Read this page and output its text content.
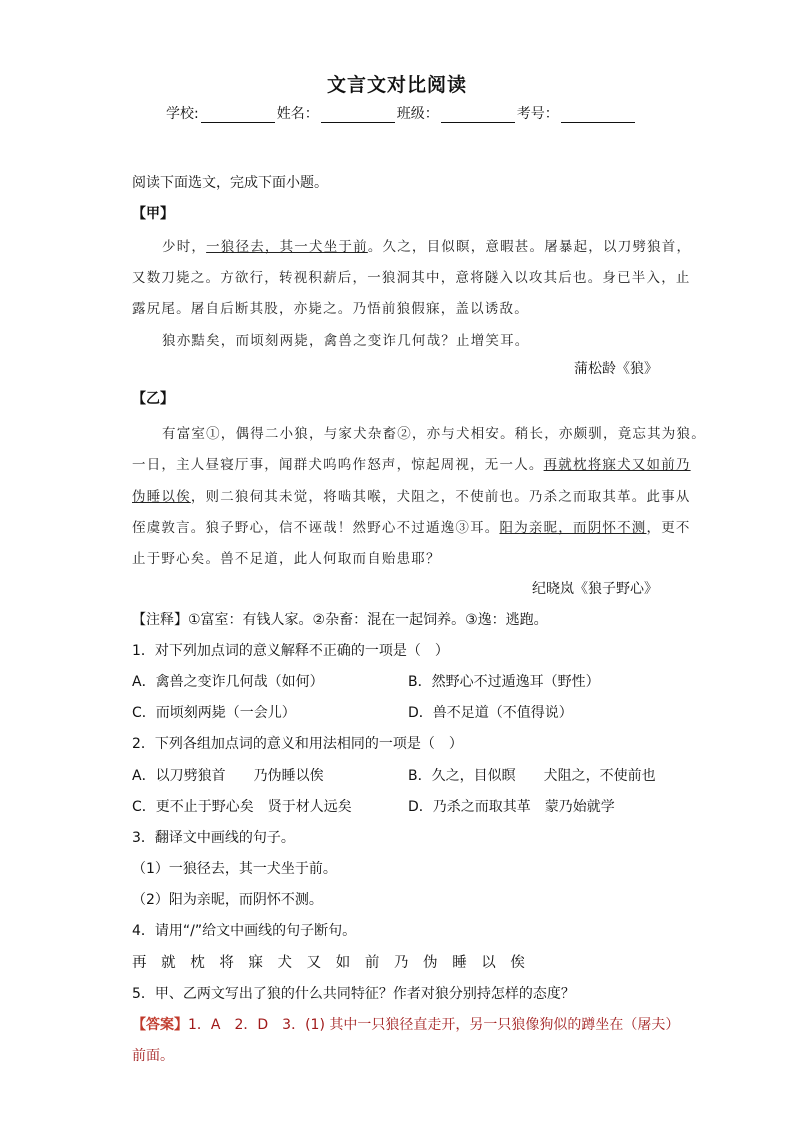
文言文对比阅读
学校:	姓名：	班级：	考号：
阅读下面选文，完成下面小题。
【甲】
少时，一狼径去，其一犬坐于前。久之，目似瞑，意暇甚。屠暴起，以刀劈狼首，
又数刀毙之。方欲行，转视积薪后，一狼洞其中，意将隧入以攻其后也。身已半入，止
露尻尾。屠自后断其股，亦毙之。乃悟前狼假寐，盖以诱敌。
狼亦黠矣，而顷刻两毙，禽兽之变诈几何哉？止增笑耳。
蒲松龄《狼》
【乙】
有富室①，偶得二小狼，与家犬杂畜②，亦与犬相安。稍长，亦颇驯，竟忘其为狼。
一日，主人昼寝厅事，闻群犬呜呜作怒声，惊起周视，无一人。再就枕将寐犬又如前乃
伪睡以俟，则二狼伺其未觉，将啮其喉，犬阻之，不使前也。乃杀之而取其革。此事从
侄虞敦言。狼子野心，信不诬哉！然野心不过遁逸③耳。阳为亲昵，而阴怀不测，更不
止于野心矣。兽不足道，此人何取而自贻患耶？
纪晓岚《狼子野心》
【注释】①富室：有钱人家。②杂畜：混在一起饲养。③逸：逃跑。
1．对下列加点词的意义解释不正确的一项是（　）
A．禽兽之变诈几何哉（如何）	B．然野心不过遁逸耳（野性）
C．而顷刻两毙（一会儿）	D．兽不足道（不值得说）
2．下列各组加点词的意义和用法相同的一项是（　）
A．以刀劈狼首　　乃伪睡以俟	B．久之，目似瞑　　犬阻之，不使前也
C．更不止于野心矣　贤于材人远矣	D．乃杀之而取其革　蒙乃始就学
3．翻译文中画线的句子。
（1）一狼径去，其一犬坐于前。
（2）阳为亲昵，而阴怀不测。
4．请用“/”给文中画线的句子断句。
再 就 枕 将 寐 犬 又 如 前 乃 伪 睡 以 俟
5．甲、乙两文写出了狼的什么共同特征？作者对狼分别持怎样的态度？
【答案】1．A　2．D　3．(1) 其中一只狼径直走开，另一只狼像狗似的蹲坐在（屠夫）
前面。
